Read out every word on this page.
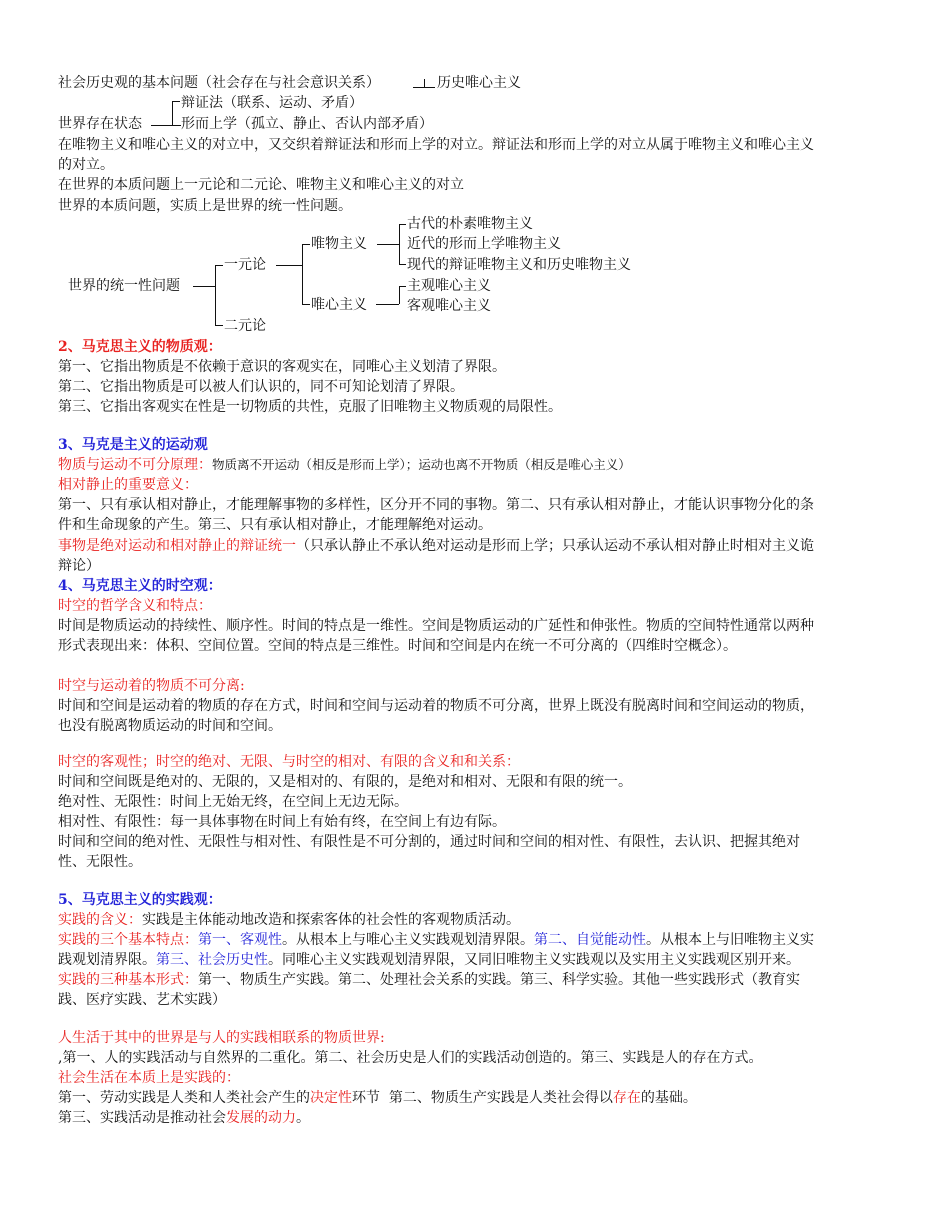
社会历史观的基本问题（社会存在与社会意识关系）	历史唯心主义
辩证法（联系、运动、矛盾）
世界存在状态	形而上学（孤立、静止、否认内部矛盾）
在唯物主义和唯心主义的对立中，又交织着辩证法和形而上学的对立。辩证法和形而上学的对立从属于唯物主义和唯心主义
的对立。
在世界的本质问题上一元论和二元论、唯物主义和唯心主义的对立
世界的本质问题，实质上是世界的统一性问题。
世界的统一性问题
一元论
二元论
唯物主义
唯心主义
古代的朴素唯物主义
近代的形而上学唯物主义
现代的辩证唯物主义和历史唯物主义
主观唯心主义
客观唯心主义
2、马克思主义的物质观：
第一、它指出物质是不依赖于意识的客观实在，同唯心主义划清了界限。
第二、它指出物质是可以被人们认识的，同不可知论划清了界限。
第三、它指出客观实在性是一切物质的共性，克服了旧唯物主义物质观的局限性。
3、马克是主义的运动观
物质与运动不可分原理：物质离不开运动（相反是形而上学）；运动也离不开物质（相反是唯心主义）
相对静止的重要意义：
第一、只有承认相对静止，才能理解事物的多样性，区分开不同的事物。第二、只有承认相对静止，才能认识事物分化的条
件和生命现象的产生。第三、只有承认相对静止，才能理解绝对运动。
事物是绝对运动和相对静止的辩证统一（只承认静止不承认绝对运动是形而上学；只承认运动不承认相对静止时相对主义诡
辩论）
4、马克思主义的时空观：
时空的哲学含义和特点：
时间是物质运动的持续性、顺序性。时间的特点是一维性。空间是物质运动的广延性和伸张性。物质的空间特性通常以两种
形式表现出来：体积、空间位置。空间的特点是三维性。时间和空间是内在统一不可分离的（四维时空概念）。
时空与运动着的物质不可分离:
时间和空间是运动着的物质的存在方式，时间和空间与运动着的物质不可分离，世界上既没有脱离时间和空间运动的物质，
也没有脱离物质运动的时间和空间。
时空的客观性；时空的绝对、无限、与时空的相对、有限的含义和和关系：
时间和空间既是绝对的、无限的，又是相对的、有限的，是绝对和相对、无限和有限的统一。
绝对性、无限性：时间上无始无终，在空间上无边无际。
相对性、有限性：每一具体事物在时间上有始有终，在空间上有边有际。
时间和空间的绝对性、无限性与相对性、有限性是不可分割的，通过时间和空间的相对性、有限性，去认识、把握其绝对
性、无限性。
5、马克思主义的实践观：
实践的含义：实践是主体能动地改造和探索客体的社会性的客观物质活动。
实践的三个基本特点：第一、客观性。从根本上与唯心主义实践观划清界限。第二、自觉能动性。从根本上与旧唯物主义实
践观划清界限。第三、社会历史性。同唯心主义实践观划清界限，又同旧唯物主义实践观以及实用主义实践观区别开来。
实践的三种基本形式：第一、物质生产实践。第二、处理社会关系的实践。第三、科学实验。其他一些实践形式（教育实
践、医疗实践、艺术实践）
人生活于其中的世界是与人的实践相联系的物质世界:
,第一、人的实践活动与自然界的二重化。第二、社会历史是人们的实践活动创造的。第三、实践是人的存在方式。
社会生活在本质上是实践的：
第一、劳动实践是人类和人类社会产生的决定性环节  第二、物质生产实践是人类社会得以存在的基础。
第三、实践活动是推动社会发展的动力。
